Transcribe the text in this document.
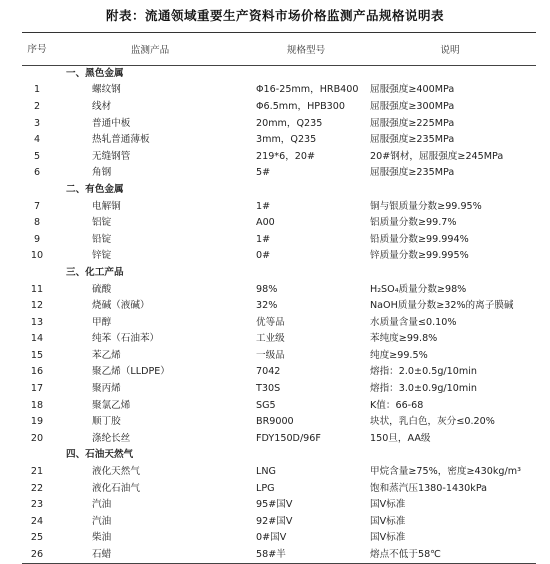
附表：流通领域重要生产资料市场价格监测产品规格说明表
序号	监测产品	规格型号	说明
	一、黑色金属		
1	螺纹钢	Φ16-25mm，HRB400	屈服强度≥400MPa
2	线材	Φ6.5mm，HPB300	屈服强度≥300MPa
3	普通中板	20mm，Q235	屈服强度≥225MPa
4	热轧普通薄板	3mm，Q235	屈服强度≥235MPa
5	无缝钢管	219*6，20#	20#钢材，屈服强度≥245MPa
6	角钢	5#	屈服强度≥235MPa
	二、有色金属		
7	电解铜	1#	铜与银质量分数≥99.95%
8	铝锭	A00	铝质量分数≥99.7%
9	铅锭	1#	铅质量分数≥99.994%
10	锌锭	0#	锌质量分数≥99.995%
	三、化工产品		
11	硫酸	98%	H₂SO₄质量分数≥98%
12	烧碱（液碱）	32%	NaOH质量分数≥32%的离子膜碱
13	甲醇	优等品	水质量含量≤0.10%
14	纯苯（石油苯）	工业级	苯纯度≥99.8%
15	苯乙烯	一级品	纯度≥99.5%
16	聚乙烯（LLDPE）	7042	熔指：2.0±0.5g/10min
17	聚丙烯	T30S	熔指：3.0±0.9g/10min
18	聚氯乙烯	SG5	K值：66-68
19	顺丁胶	BR9000	块状，乳白色，灰分≤0.20%
20	涤纶长丝	FDY150D/96F	150旦，AA级
	四、石油天然气		
21	液化天然气	LNG	甲烷含量≥75%，密度≥430kg/m³
22	液化石油气	LPG	饱和蒸汽压1380-1430kPa
23	汽油	95#国Ⅴ	国Ⅴ标准
24	汽油	92#国Ⅴ	国Ⅴ标准
25	柴油	0#国Ⅴ	国Ⅴ标准
26	石蜡	58#半	熔点不低于58℃
